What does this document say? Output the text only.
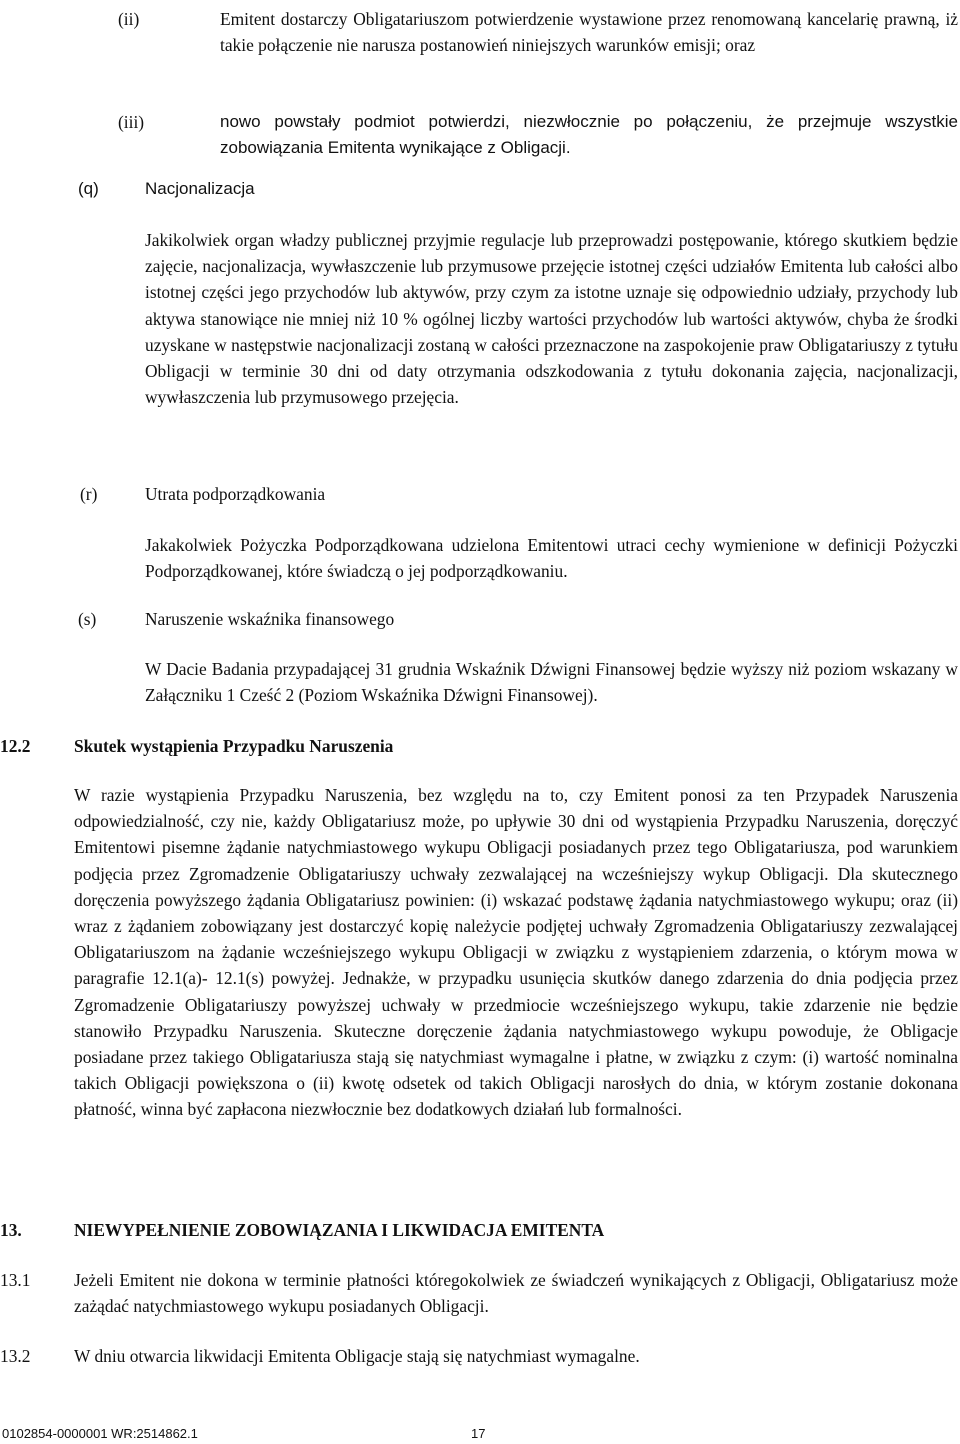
(ii)	Emitent dostarczy Obligatariuszom potwierdzenie wystawione przez renomowaną kancelarię prawną, iż takie połączenie nie narusza postanowień niniejszych warunków emisji; oraz

(iii)	nowo powstały podmiot potwierdzi, niezwłocznie po połączeniu, że przejmuje wszystkie zobowiązania Emitenta wynikające z Obligacji.

(q)	Nacjonalizacja

Jakikolwiek organ władzy publicznej przyjmie regulacje lub przeprowadzi postępowanie, którego skutkiem będzie zajęcie, nacjonalizacja, wywłaszczenie lub przymusowe przejęcie istotnej części udziałów Emitenta lub całości albo istotnej części jego przychodów lub aktywów, przy czym za istotne uznaje się odpowiednio udziały, przychody lub aktywa stanowiące nie mniej niż 10 % ogólnej liczby wartości przychodów lub wartości aktywów, chyba że środki uzyskane w następstwie nacjonalizacji zostaną w całości przeznaczone na zaspokojenie praw Obligatariuszy z tytułu Obligacji w terminie 30 dni od daty otrzymania odszkodowania z tytułu dokonania zajęcia, nacjonalizacji, wywłaszczenia lub przymusowego przejęcia.

(r)	Utrata podporządkowania

Jakakolwiek Pożyczka Podporządkowana udzielona Emitentowi utraci cechy wymienione w definicji Pożyczki Podporządkowanej, które świadczą o jej podporządkowaniu.

(s)	Naruszenie wskaźnika finansowego

W Dacie Badania przypadającej 31 grudnia Wskaźnik Dźwigni Finansowej będzie wyższy niż poziom wskazany w Załączniku 1 Cześć 2 (Poziom Wskaźnika Dźwigni Finansowej).

12.2	Skutek wystąpienia Przypadku Naruszenia

W razie wystąpienia Przypadku Naruszenia, bez względu na to, czy Emitent ponosi za ten Przypadek Naruszenia odpowiedzialność, czy nie, każdy Obligatariusz może, po upływie 30 dni od wystąpienia Przypadku Naruszenia, doręczyć Emitentowi pisemne żądanie natychmiastowego wykupu Obligacji posiadanych przez tego Obligatariusza, pod warunkiem podjęcia przez Zgromadzenie Obligatariuszy uchwały zezwalającej na wcześniejszy wykup Obligacji. Dla skutecznego doręczenia powyższego żądania Obligatariusz powinien: (i) wskazać podstawę żądania natychmiastowego wykupu; oraz (ii) wraz z żądaniem zobowiązany jest dostarczyć kopię należycie podjętej uchwały Zgromadzenia Obligatariuszy zezwalającej Obligatariuszom na żądanie wcześniejszego wykupu Obligacji w związku z wystąpieniem zdarzenia, o którym mowa w paragrafie 12.1(a)- 12.1(s) powyżej. Jednakże, w przypadku usunięcia skutków danego zdarzenia do dnia podjęcia przez Zgromadzenie Obligatariuszy powyższej uchwały w przedmiocie wcześniejszego wykupu, takie zdarzenie nie będzie stanowiło Przypadku Naruszenia. Skuteczne doręczenie żądania natychmiastowego wykupu powoduje, że Obligacje posiadane przez takiego Obligatariusza stają się natychmiast wymagalne i płatne, w związku z czym: (i) wartość nominalna takich Obligacji powiększona o (ii) kwotę odsetek od takich Obligacji narosłych do dnia, w którym zostanie dokonana płatność, winna być zapłacona niezwłocznie bez dodatkowych działań lub formalności.

13.	NIEWYPEŁNIENIE ZOBOWIĄZANIA I LIKWIDACJA EMITENTA
13.1	Jeżeli Emitent nie dokona w terminie płatności któregokolwiek ze świadczeń wynikających z Obligacji, Obligatariusz może zażądać natychmiastowego wykupu posiadanych Obligacji.

13.2	W dniu otwarcia likwidacji Emitenta Obligacje stają się natychmiast wymagalne.

0102854-0000001 WR:2514862.1	17
